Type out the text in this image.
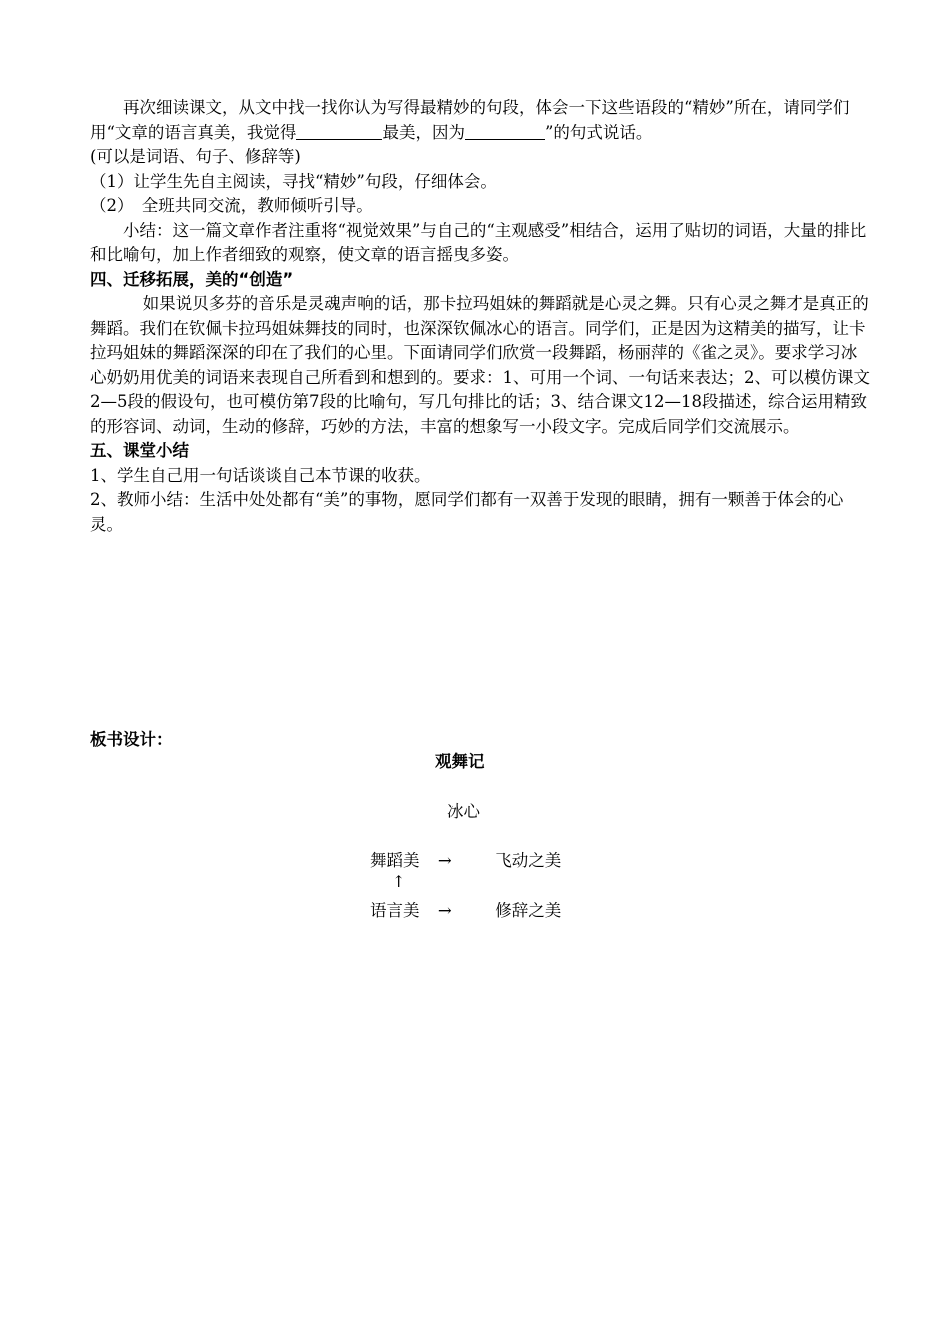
再次细读课文，从文中找一找你认为写得最精妙的句段，体会一下这些语段的“精妙”所在，请同学们用“文章的语言真美，我觉得	最美，因为	”的句式说话。

(可以是词语、句子、修辞等)

（1）让学生先自主阅读，寻找“精妙”句段，仔细体会。

（2）　全班共同交流，教师倾听引导。

小结：这一篇文章作者注重将“视觉效果”与自己的“主观感受”相结合，运用了贴切的词语，大量的排比和比喻句，加上作者细致的观察，使文章的语言摇曳多姿。

四、迁移拓展，美的“创造”

如果说贝多芬的音乐是灵魂声响的话，那卡拉玛姐妹的舞蹈就是心灵之舞。只有心灵之舞才是真正的舞蹈。我们在钦佩卡拉玛姐妹舞技的同时，也深深钦佩冰心的语言。同学们，正是因为这精美的描写，让卡拉玛姐妹的舞蹈深深的印在了我们的心里。下面请同学们欣赏一段舞蹈，杨丽萍的《雀之灵》。要求学习冰心奶奶用优美的词语来表现自己所看到和想到的。要求：1、可用一个词、一句话来表达；2、可以模仿课文2—5段的假设句，也可模仿第7段的比喻句，写几句排比的话；3、结合课文12—18段描述，综合运用精致的形容词、动词，生动的修辞，巧妙的方法，丰富的想象写一小段文字。完成后同学们交流展示。

五、课堂小结

1、学生自己用一句话谈谈自己本节课的收获。

2、教师小结：生活中处处都有“美”的事物，愿同学们都有一双善于发现的眼睛，拥有一颗善于体会的心灵。

板书设计：
观舞记
冰心
舞蹈美 →	飞动之美
↑
语言美 →	修辞之美
